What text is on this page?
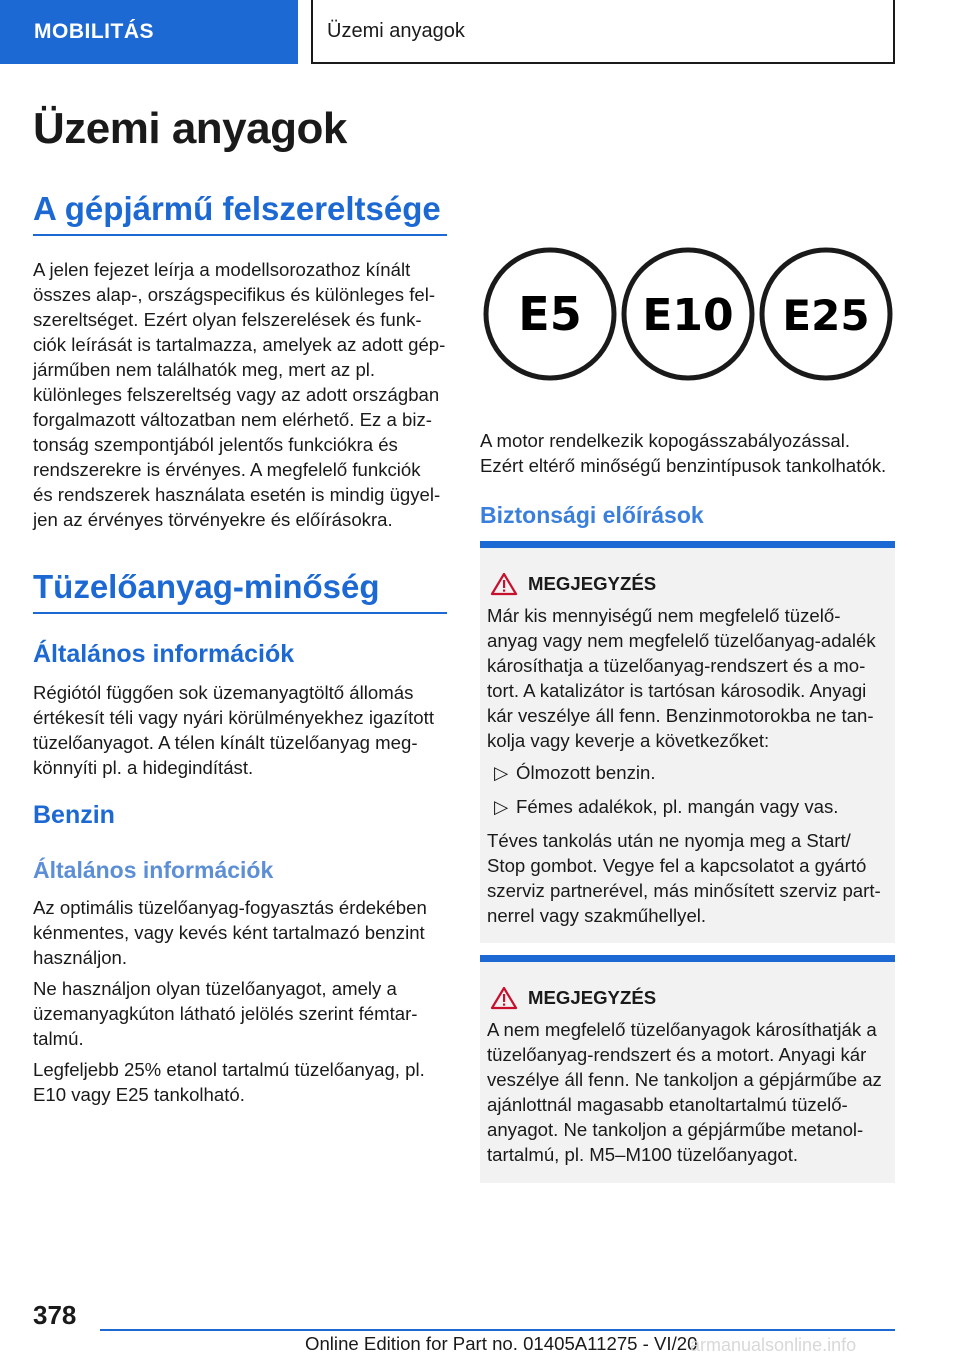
MOBILITÁS	Üzemi anyagok
Üzemi anyagok
A gépjármű felszereltsége

A jelen fejezet leírja a modellsorozathoz kínált
összes alap-, országspecifikus és különleges fel-
szereltséget. Ezért olyan felszerelések és funk-
ciók leírását is tartalmazza, amelyek az adott gép-
járműben nem találhatók meg, mert az pl.
különleges felszereltség vagy az adott országban
forgalmazott változatban nem elérhető. Ez a biz-
tonság szempontjából jelentős funkciókra és
rendszerekre is érvényes. A megfelelő funkciók
és rendszerek használata esetén is mindig ügyel-
jen az érvényes törvényekre és előírásokra.

Tüzelőanyag-minőség
Általános információk

Régiótól függően sok üzemanyagtöltő állomás
értékesít téli vagy nyári körülményekhez igazított
tüzelőanyagot. A télen kínált tüzelőanyag meg-
könnyíti pl. a hidegindítást.

Benzin
Általános információk

Az optimális tüzelőanyag-fogyasztás érdekében
kénmentes, vagy kevés ként tartalmazó benzint
használjon.

Ne használjon olyan tüzelőanyagot, amely a
üzemanyagkúton látható jelölés szerint fémtar-
talmú.

Legfeljebb 25% etanol tartalmú tüzelőanyag, pl.
E10 vagy E25 tankolható.

E5 E10 E25

A motor rendelkezik kopogásszabályozással.
Ezért eltérő minőségű benzintípusok tankolhatók.

Biztonsági előírások
MEGJEGYZÉS

Már kis mennyiségű nem megfelelő tüzelő-
anyag vagy nem megfelelő tüzelőanyag-adalék
károsíthatja a tüzelőanyag-rendszert és a mo-
tort. A katalizátor is tartósan károsodik. Anyagi
kár veszélye áll fenn. Benzinmotorokba ne tan-
kolja vagy keverje a következőket:

▷ Ólmozott benzin.
▷ Fémes adalékok, pl. mangán vagy vas.

Téves tankolás után ne nyomja meg a Start/
Stop gombot. Vegye fel a kapcsolatot a gyártó
szerviz partnerével, más minősített szerviz part-
nerrel vagy szakműhellyel.

MEGJEGYZÉS

A nem megfelelő tüzelőanyagok károsíthatják a
tüzelőanyag-rendszert és a motort. Anyagi kár
veszélye áll fenn. Ne tankoljon a gépjárműbe az
ajánlottnál magasabb etanoltartalmú tüzelő-
anyagot. Ne tankoljon a gépjárműbe metanol-
tartalmú, pl. M5–M100 tüzelőanyagot.

378
Online Edition for Part no. 01405A11275 - VI/20
armanualsonline.info
